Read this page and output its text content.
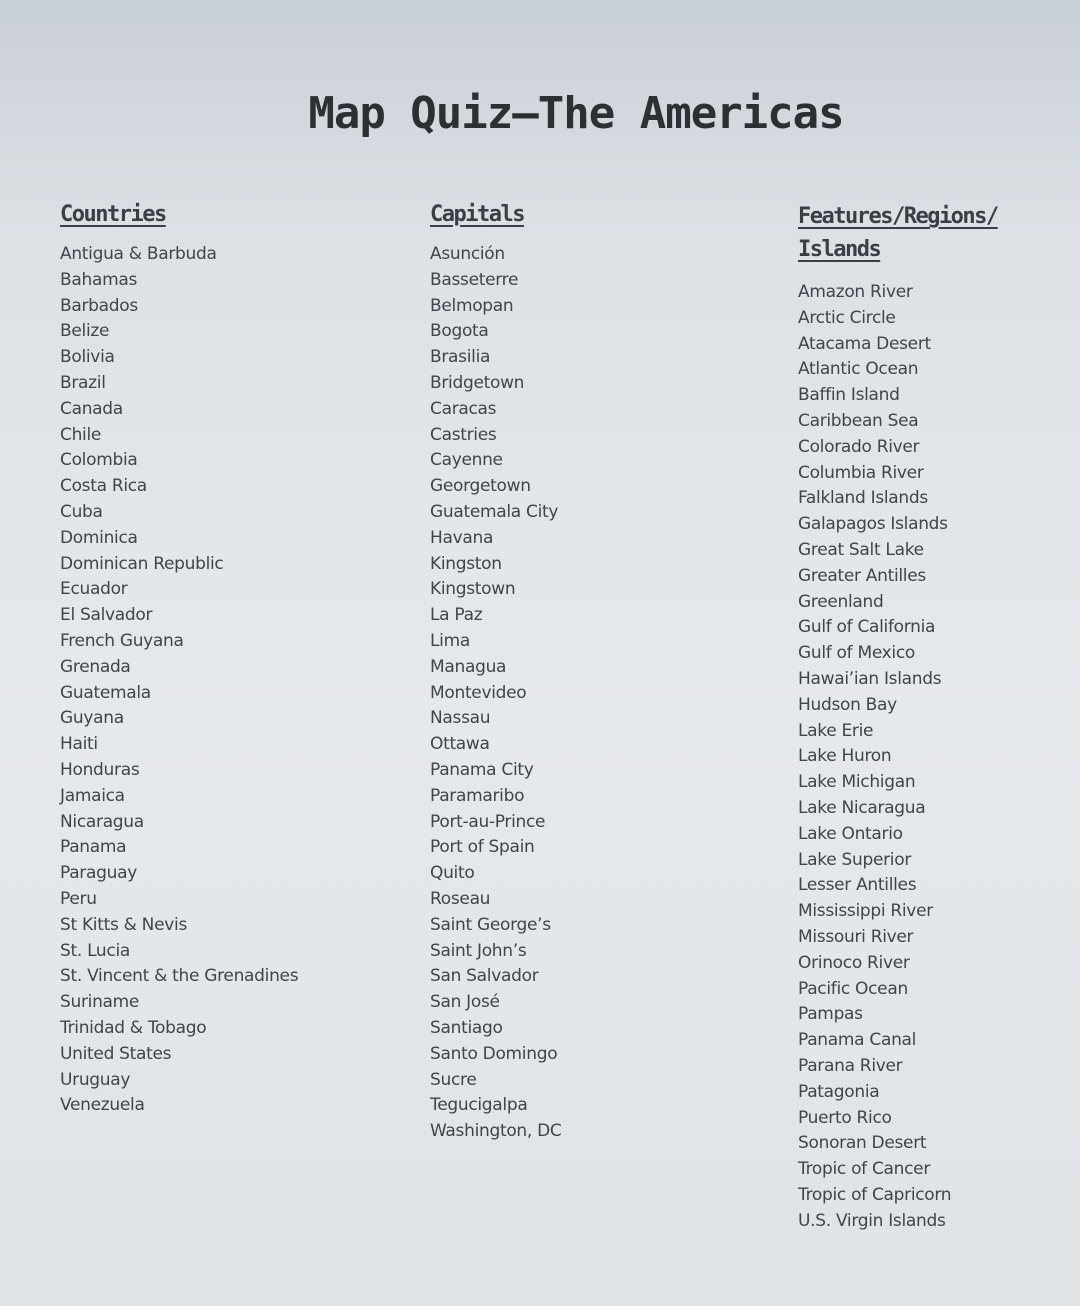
Map Quiz—The Americas
Countries
Antigua & Barbuda
Bahamas
Barbados
Belize
Bolivia
Brazil
Canada
Chile
Colombia
Costa Rica
Cuba
Dominica
Dominican Republic
Ecuador
El Salvador
French Guyana
Grenada
Guatemala
Guyana
Haiti
Honduras
Jamaica
Nicaragua
Panama
Paraguay
Peru
St Kitts & Nevis
St. Lucia
St. Vincent & the Grenadines
Suriname
Trinidad & Tobago
United States
Uruguay
Venezuela
Capitals
Asunción
Basseterre
Belmopan
Bogota
Brasilia
Bridgetown
Caracas
Castries
Cayenne
Georgetown
Guatemala City
Havana
Kingston
Kingstown
La Paz
Lima
Managua
Montevideo
Nassau
Ottawa
Panama City
Paramaribo
Port-au-Prince
Port of Spain
Quito
Roseau
Saint George’s
Saint John’s
San Salvador
San José
Santiago
Santo Domingo
Sucre
Tegucigalpa
Washington, DC
Features/Regions/
Islands
Amazon River
Arctic Circle
Atacama Desert
Atlantic Ocean
Baffin Island
Caribbean Sea
Colorado River
Columbia River
Falkland Islands
Galapagos Islands
Great Salt Lake
Greater Antilles
Greenland
Gulf of California
Gulf of Mexico
Hawai’ian Islands
Hudson Bay
Lake Erie
Lake Huron
Lake Michigan
Lake Nicaragua
Lake Ontario
Lake Superior
Lesser Antilles
Mississippi River
Missouri River
Orinoco River
Pacific Ocean
Pampas
Panama Canal
Parana River
Patagonia
Puerto Rico
Sonoran Desert
Tropic of Cancer
Tropic of Capricorn
U.S. Virgin Islands
